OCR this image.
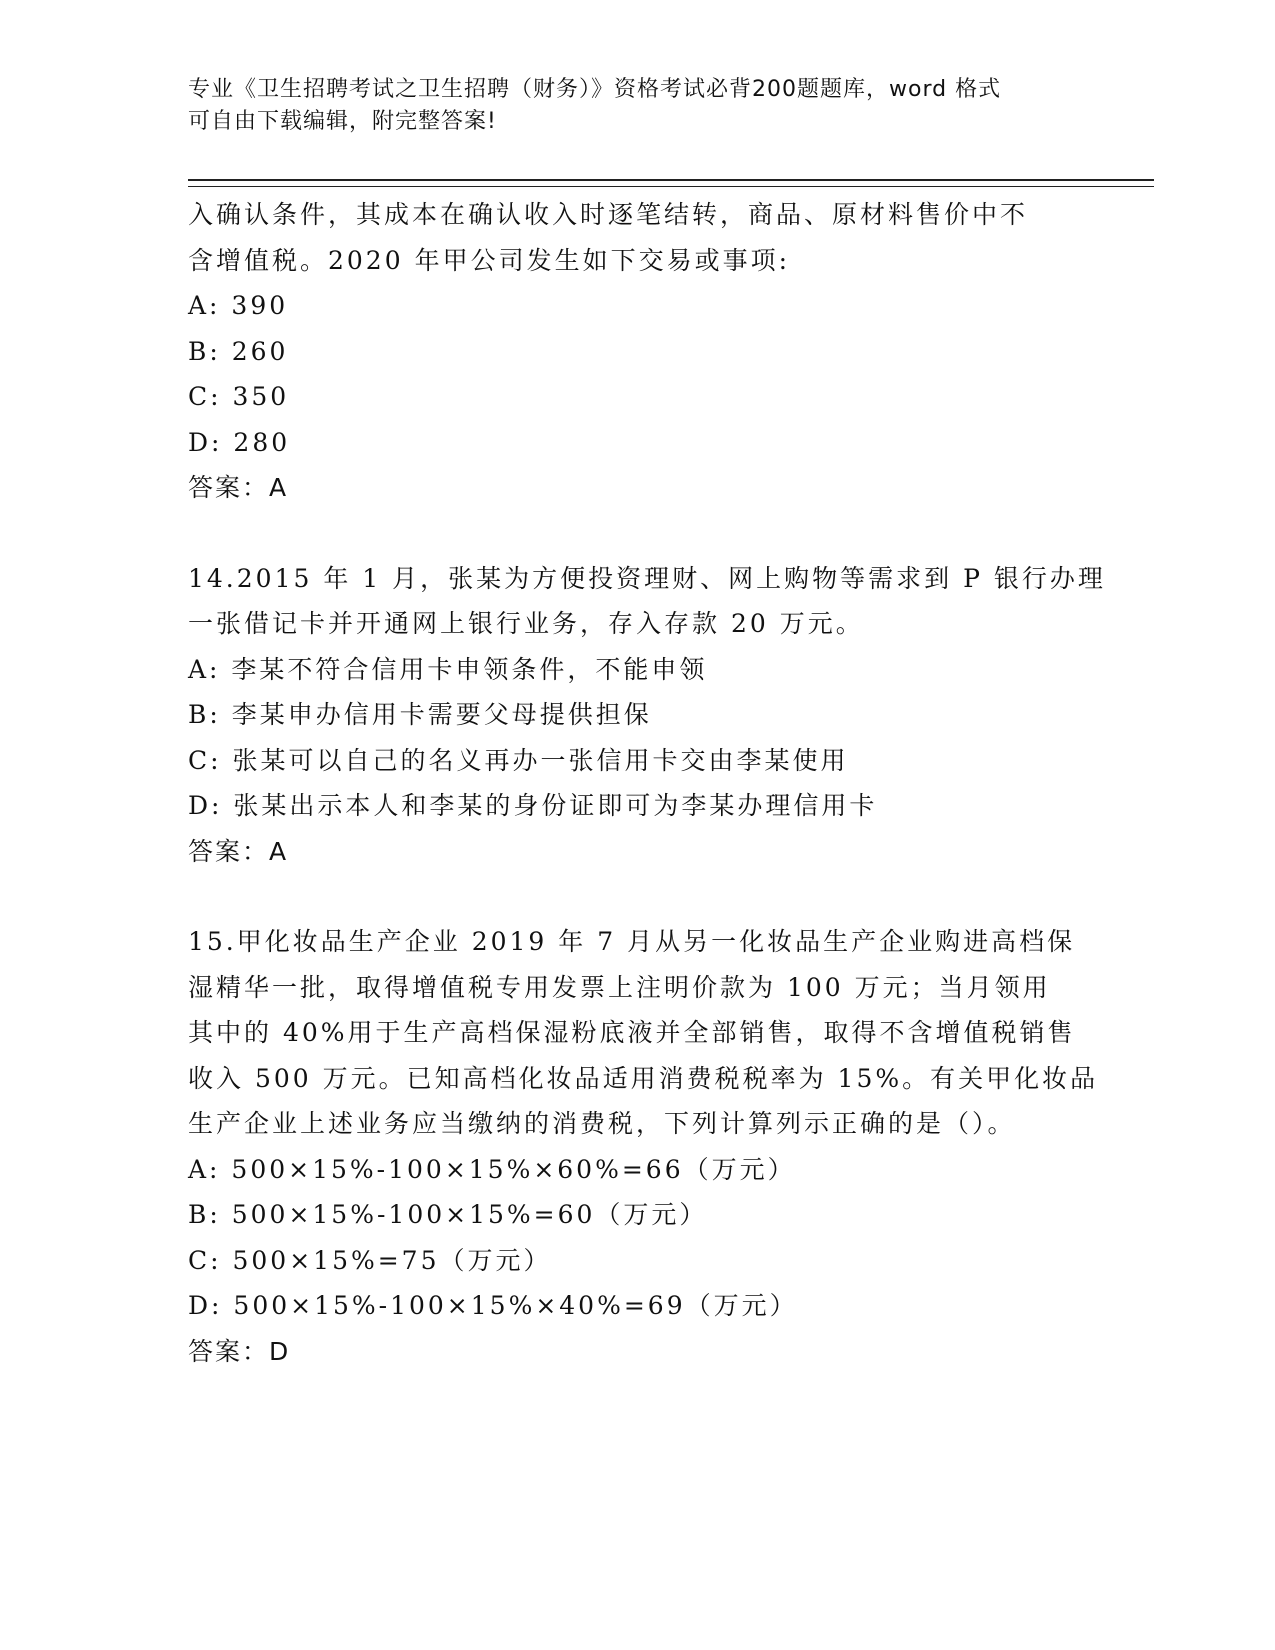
专业《卫生招聘考试之卫生招聘（财务）》资格考试必背200题题库，word 格式
可自由下载编辑，附完整答案!
入确认条件，其成本在确认收入时逐笔结转，商品、原材料售价中不
含增值税。2020 年甲公司发生如下交易或事项:
A: 390
B: 260
C: 350
D: 280
答案：A
14.2015 年 1 月，张某为方便投资理财、网上购物等需求到 P 银行办理
一张借记卡并开通网上银行业务，存入存款 20 万元。
A: 李某不符合信用卡申领条件，不能申领
B: 李某申办信用卡需要父母提供担保
C: 张某可以自己的名义再办一张信用卡交由李某使用
D: 张某出示本人和李某的身份证即可为李某办理信用卡
答案：A
15.甲化妆品生产企业 2019 年 7 月从另一化妆品生产企业购进高档保
湿精华一批，取得增值税专用发票上注明价款为 100 万元；当月领用
其中的 40%用于生产高档保湿粉底液并全部销售，取得不含增值税销售
收入 500 万元。已知高档化妆品适用消费税税率为 15%。有关甲化妆品
生产企业上述业务应当缴纳的消费税，下列计算列示正确的是（）。
A: 500×15%-100×15%×60%=66（万元）
B: 500×15%-100×15%=60（万元）
C: 500×15%=75（万元）
D: 500×15%-100×15%×40%=69（万元）
答案：D
